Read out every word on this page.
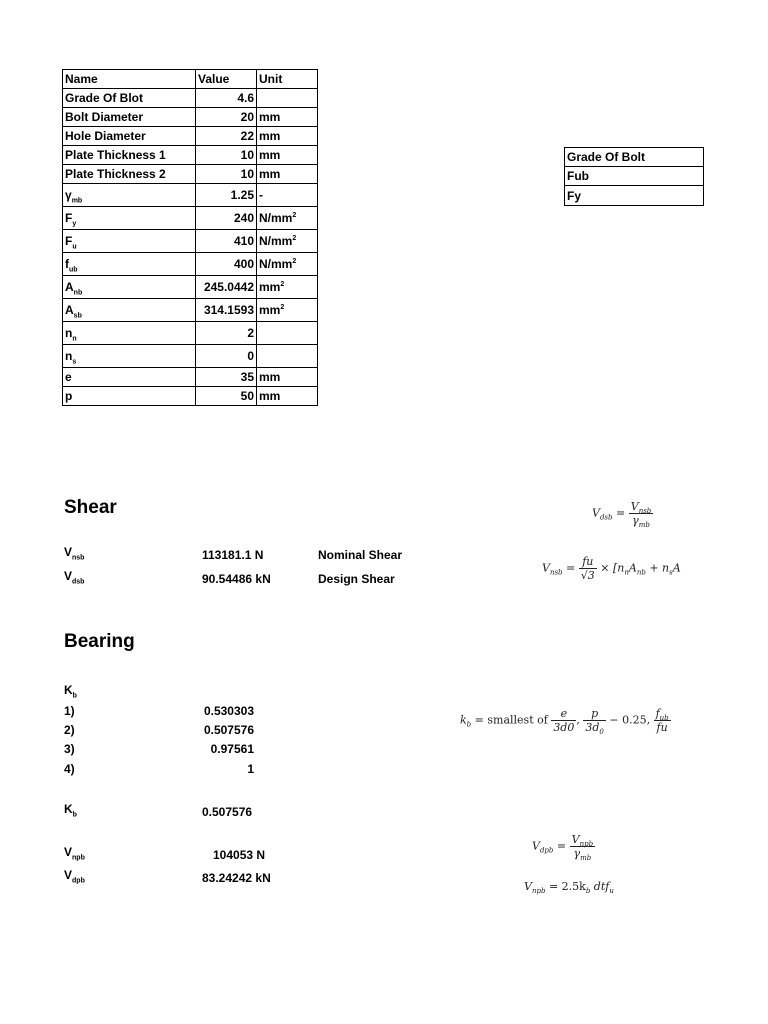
Name	Value	Unit
Grade Of Blot	4.6	
Bolt Diameter	20	mm
Hole Diameter	22	mm
Plate Thickness 1	10	mm
Plate Thickness 2	10	mm
$\gamma_{mb}$	1.25	-
$F_y$	240	$N/mm^2$
$F_u$	410	$N/mm^2$
$f_{ub}$	400	$N/mm^2$
$A_{nb}$	245.0442	$mm^2$
$A_{sb}$	314.1593	$mm^2$
$n_n$	2	
$n_s$	0	
e	35	mm
p	50	mm
Grade Of Bolt
Fub
Fy
Shear
$V_{nsb}$	113181.1 N	Nominal Shear
$V_{dsb}$	90.54486 kN	Design Shear
Bearing
$K_b$
1)	0.530303
2)	0.507576
3)	0.97561
4)	1
$K_b$	0.507576
$V_{npb}$	104053 N
$V_{dpb}$	83.24242 kN
$V_{dsb} = \frac{V_{nsb}}{\gamma_{mb}}$
$V_{nsb} = \frac{fu}{√3} \times [n_nA_{nb} + n_sA$
$k_b$ = smallest of $\frac{e}{3d0}$ , $\frac{p}{3d_0} - 0.25$, $\frac{f_{ub}}{fu}$
$V_{dpb} = \frac{V_{npb}}{\gamma_{mb}}$
$V_{npb} = 2.5k_b$ dtf$_u$
